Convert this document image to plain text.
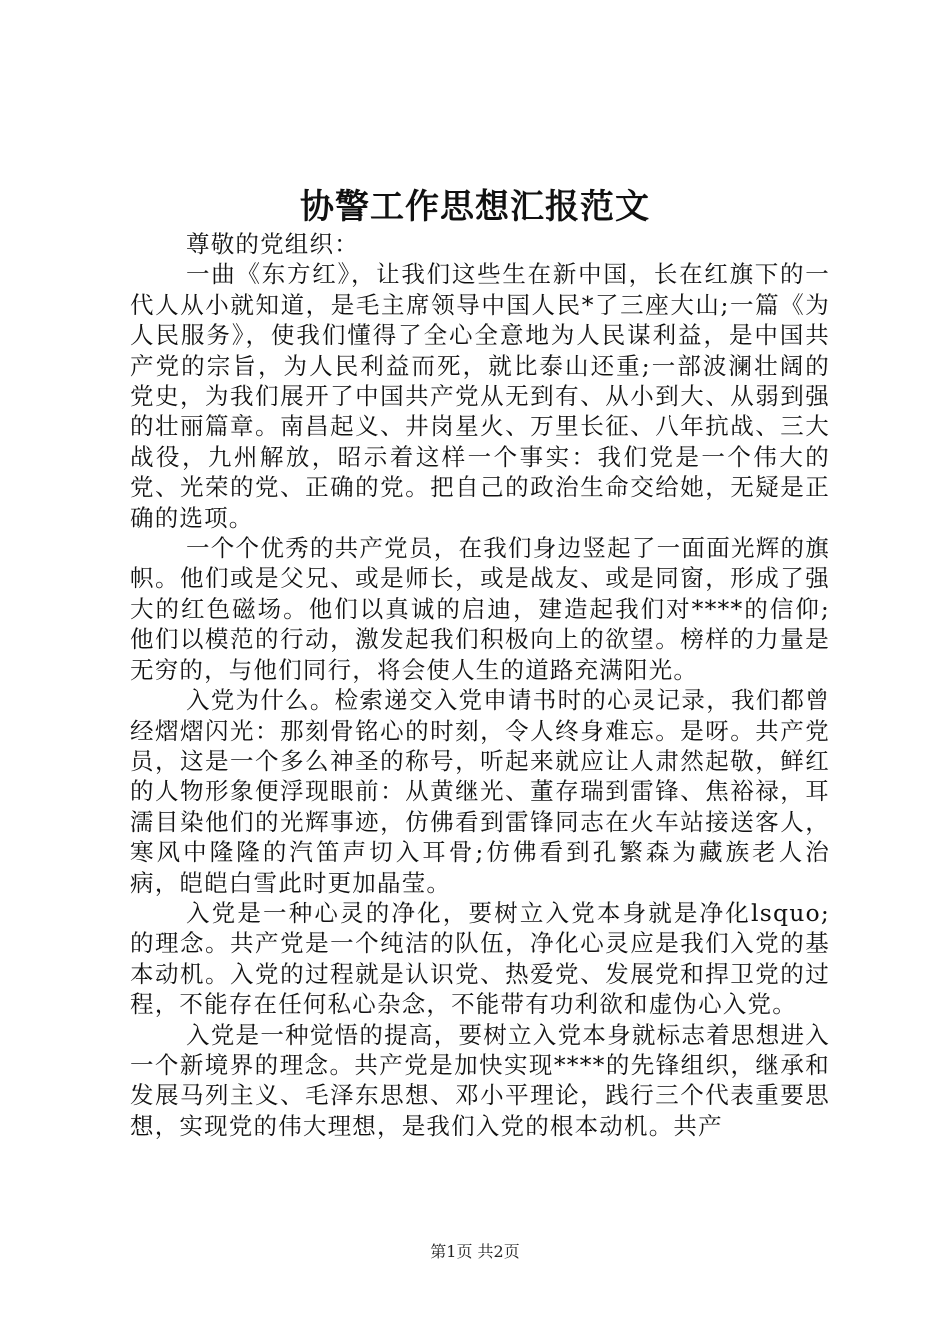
协警工作思想汇报范文

尊敬的党组织：

一曲《东方红》，让我们这些生在新中国，长在红旗下的一代人从小就知道，是毛主席领导中国人民*了三座大山;一篇《为人民服务》，使我们懂得了全心全意地为人民谋利益，是中国共产党的宗旨，为人民利益而死，就比泰山还重;一部波澜壮阔的党史，为我们展开了中国共产党从无到有、从小到大、从弱到强的壮丽篇章。南昌起义、井岗星火、万里长征、八年抗战、三大战役，九州解放，昭示着这样一个事实：我们党是一个伟大的党、光荣的党、正确的党。把自己的政治生命交给她，无疑是正确的选项。

一个个优秀的共产党员，在我们身边竖起了一面面光辉的旗帜。他们或是父兄、或是师长，或是战友、或是同窗，形成了强大的红色磁场。他们以真诚的启迪，建造起我们对****的信仰;他们以模范的行动，激发起我们积极向上的欲望。榜样的力量是无穷的，与他们同行，将会使人生的道路充满阳光。

入党为什么。检索递交入党申请书时的心灵记录，我们都曾经熠熠闪光：那刻骨铭心的时刻，令人终身难忘。是呀。共产党员，这是一个多么神圣的称号，听起来就应让人肃然起敬，鲜红的人物形象便浮现眼前：从黄继光、董存瑞到雷锋、焦裕禄，耳濡目染他们的光辉事迹，仿佛看到雷锋同志在火车站接送客人，寒风中隆隆的汽笛声切入耳骨;仿佛看到孔繁森为藏族老人治病，皑皑白雪此时更加晶莹。

入党是一种心灵的净化，要树立入党本身就是净化lsquo;的理念。共产党是一个纯洁的队伍，净化心灵应是我们入党的基本动机。入党的过程就是认识党、热爱党、发展党和捍卫党的过程，不能存在任何私心杂念，不能带有功利欲和虚伪心入党。

入党是一种觉悟的提高，要树立入党本身就标志着思想进入一个新境界的理念。共产党是加快实现****的先锋组织，继承和发展马列主义、毛泽东思想、邓小平理论，践行三个代表重要思想，实现党的伟大理想，是我们入党的根本动机。共产

第1页 共2页
